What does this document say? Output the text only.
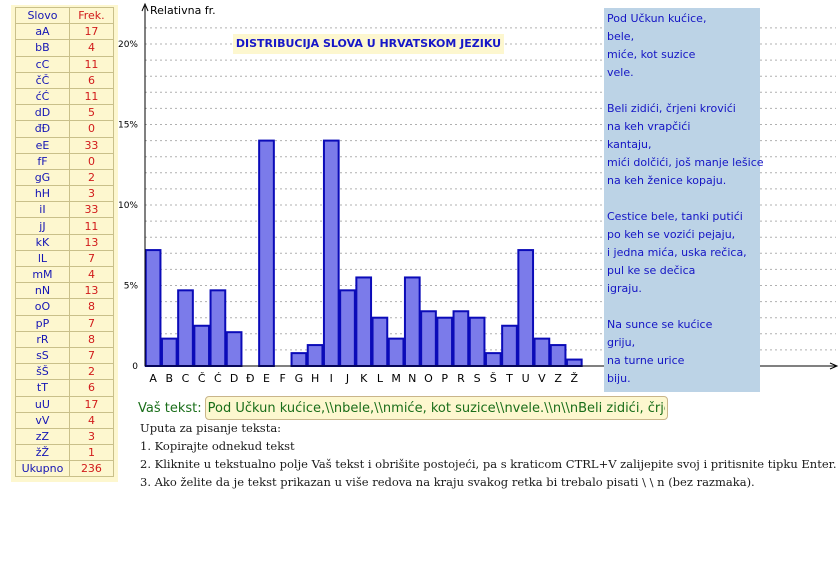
Slovo	Frek.
aA	17
bB	4
cC	11
čČ	6
ćĆ	11
dD	5
đĐ	0
eE	33
fF	0
gG	2
hH	3
iI	33
jJ	11
kK	13
lL	7
mM	4
nN	13
oO	8
pP	7
rR	8
sS	7
šŠ	2
tT	6
uU	17
vV	4
zZ	3
žŽ	1
Ukupno	236
0
5%
10%
15%
20%
A B C Č Ć D Đ E F G H I J K L M N O P R S Š T U V Z Ž
Relativna fr.
DISTRIBUCIJA SLOVA U HRVATSKOM JEZIKU
Pod Učkun kućice,
bele,
miće, kot suzice
vele.
Beli zidići, črjeni krovići
na keh vrapčići
kantaju,
mići dolčići, još manje lešice
na keh ženice kopaju.
Cestice bele, tanki putići
po keh se vozići pejaju,
i jedna mića, uska rečica,
pul ke se dečica
igraju.
Na sunce se kućice
griju,
na turne urice
biju.
Vaš tekst:
Pod Učkun kućice,\\nbele,\\nmiće, kot suzice\\nvele.\\n\\nBeli zidići, črjeni krovići
Uputa za pisanje teksta:
1. Kopirajte odnekud tekst
2. Kliknite u tekstualno polje Vaš tekst i obrišite postojeći, pa s kraticom CTRL+V zalijepite svoj i pritisnite tipku Enter.
3. Ako želite da je tekst prikazan u više redova na kraju svakog retka bi trebalo pisati \ \ n (bez razmaka).
